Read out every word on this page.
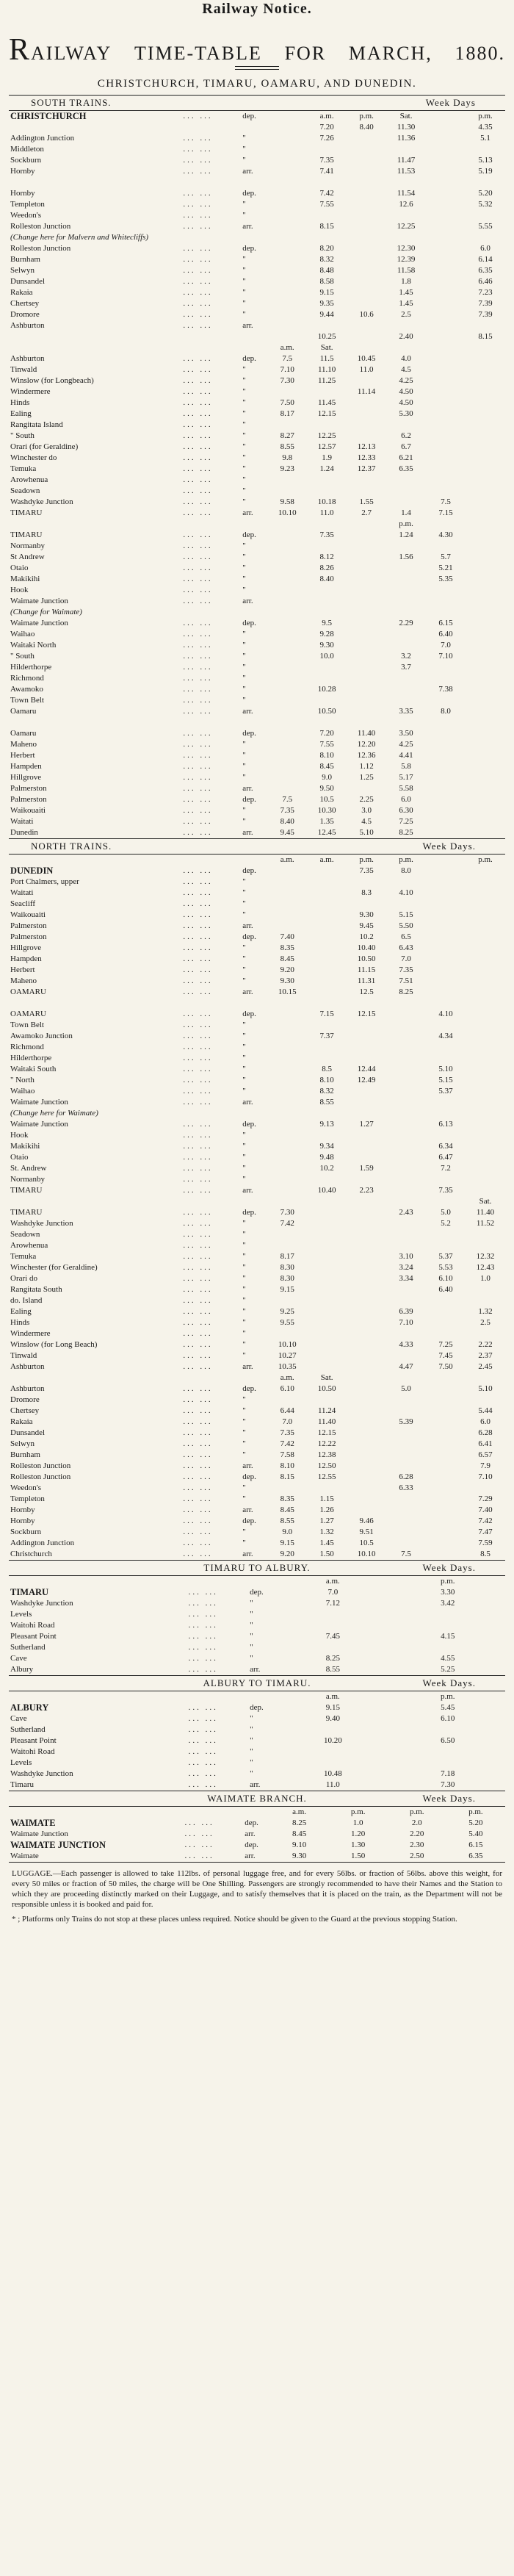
Railway Notice.
RAILWAY TIME-TABLE FOR MARCH, 1880.
CHRISTCHURCH, TIMARU, OAMARU, AND DUNEDIN.
SOUTH TRAINS.	Week Days
CHRISTCHURCH	... ...	dep.		a.m.	p.m.	Sat.		p.m.
				7.20	8.40	11.30		4.35
Addington Junction	... ...	"		7.26		11.36		5.1
Middleton	... ...	"						
Sockburn	... ...	"		7.35		11.47		5.13
Hornby	... ...	arr.		7.41		11.53		5.19

Hornby	... ...	dep.		7.42		11.54		5.20
Templeton	... ...	"		7.55		12.6		5.32
Weedon's	... ...	"						
Rolleston Junction	... ...	arr.		8.15		12.25		5.55
(Change here for Malvern and Whitecliffs)								
Rolleston Junction	... ...	dep.		8.20		12.30		6.0
Burnham	... ...	"		8.32		12.39		6.14
Selwyn	... ...	"		8.48		11.58		6.35
Dunsandel	... ...	"		8.58		1.8		6.46
Rakaia	... ...	"		9.15		1.45		7.23
Chertsey	... ...	"		9.35		1.45		7.39
Dromore	... ...	"		9.44	10.6	2.5		7.39
Ashburton	... ...	arr.						
				10.25		2.40		8.15
			a.m.	Sat.				
Ashburton	... ...	dep.	7.5	11.5	10.45	4.0		
Tinwald	... ...	"	7.10	11.10	11.0	4.5		
Winslow (for Longbeach)	... ...	"	7.30	11.25		4.25		
Windermere	... ...	"			11.14	4.50		
Hinds	... ...	"	7.50	11.45		4.50		
Ealing	... ...	"	8.17	12.15		5.30		
Rangitata Island	... ...	"						
" South	... ...	"	8.27	12.25		6.2		
Orari (for Geraldine)	... ...	"	8.55	12.57	12.13	6.7		
Winchester do	... ...	"	9.8	1.9	12.33	6.21		
Temuka	... ...	"	9.23	1.24	12.37	6.35		
Arowhenua	... ...	"						
Seadown	... ...	"						
Washdyke Junction	... ...	"	9.58	10.18	1.55		7.5	
TIMARU	... ...	arr.	10.10	11.0	2.7	1.4	7.15	
						p.m.		
TIMARU	... ...	dep.		7.35		1.24	4.30	
Normanby	... ...	"						
St Andrew	... ...	"		8.12		1.56	5.7	
Otaio	... ...	"		8.26			5.21	
Makikihi	... ...	"		8.40			5.35	
Hook	... ...	"						
Waimate Junction	... ...	arr.						
(Change for Waimate)								
Waimate Junction	... ...	dep.		9.5		2.29	6.15	
Waihao	... ...	"		9.28			6.40	
Waitaki North	... ...	"		9.30			7.0	
" South	... ...	"		10.0		3.2	7.10	
Hilderthorpe	... ...	"				3.7		
Richmond	... ...	"						
Awamoko	... ...	"		10.28			7.38	
Town Belt	... ...	"						
Oamaru	... ...	arr.		10.50		3.35	8.0	

Oamaru	... ...	dep.		7.20	11.40	3.50		
Maheno	... ...	"		7.55	12.20	4.25		
Herbert	... ...	"		8.10	12.36	4.41		
Hampden	... ...	"		8.45	1.12	5.8		
Hillgrove	... ...	"		9.0	1.25	5.17		
Palmerston	... ...	arr.		9.50		5.58		
Palmerston	... ...	dep.	7.5	10.5	2.25	6.0		
Waikouaiti	... ...	"	7.35	10.30	3.0	6.30		
Waitati	... ...	"	8.40	1.35	4.5	7.25		
Dunedin	... ...	arr.	9.45	12.45	5.10	8.25		
NORTH TRAINS.	Week Days.
			a.m.	a.m.	p.m.	p.m.		p.m.
DUNEDIN	... ...	dep.			7.35	8.0		
Port Chalmers, upper	... ...	"						
Waitati	... ...	"			8.3	4.10		
Seacliff	... ...	"						
Waikouaiti	... ...	"			9.30	5.15		
Palmerston	... ...	arr.			9.45	5.50		
Palmerston	... ...	dep.	7.40		10.2	6.5		
Hillgrove	... ...	"	8.35		10.40	6.43		
Hampden	... ...	"	8.45		10.50	7.0		
Herbert	... ...	"	9.20		11.15	7.35		
Maheno	... ...	"	9.30		11.31	7.51		
OAMARU	... ...	arr.	10.15		12.5	8.25		

OAMARU	... ...	dep.		7.15	12.15		4.10	
Town Belt	... ...	"						
Awamoko Junction	... ...	"		7.37			4.34	
Richmond	... ...	"						
Hilderthorpe	... ...	"						
Waitaki South	... ...	"		8.5	12.44		5.10	
" North	... ...	"		8.10	12.49		5.15	
Waihao	... ...	"		8.32			5.37	
Waimate Junction	... ...	arr.		8.55				
(Change here for Waimate)								
Waimate Junction	... ...	dep.		9.13	1.27		6.13	
Hook	... ...	"						
Makikihi	... ...	"		9.34			6.34	
Otaio	... ...	"		9.48			6.47	
St. Andrew	... ...	"		10.2	1.59		7.2	
Normanby	... ...	"						
TIMARU	... ...	arr.		10.40	2.23		7.35	
								Sat.
TIMARU	... ...	dep.	7.30			2.43	5.0	11.40
Washdyke Junction	... ...	"	7.42				5.2	11.52
Seadown	... ...	"						
Arowhenua	... ...	"						
Temuka	... ...	"	8.17			3.10	5.37	12.32
Winchester (for Geraldine)	... ...	"	8.30			3.24	5.53	12.43
Orari do	... ...	"	8.30			3.34	6.10	1.0
Rangitata South	... ...	"	9.15				6.40	
do. Island	... ...	"						
Ealing	... ...	"	9.25			6.39		1.32
Hinds	... ...	"	9.55			7.10		2.5
Windermere	... ...	"						
Winslow (for Long Beach)	... ...	"	10.10			4.33	7.25	2.22
Tinwald	... ...	"	10.27				7.45	2.37
Ashburton	... ...	arr.	10.35			4.47	7.50	2.45
			a.m.	Sat.				
Ashburton	... ...	dep.	6.10	10.50		5.0		5.10
Dromore	... ...	"						
Chertsey	... ...	"	6.44	11.24				5.44
Rakaia	... ...	"	7.0	11.40		5.39		6.0
Dunsandel	... ...	"	7.35	12.15				6.28
Selwyn	... ...	"	7.42	12.22				6.41
Burnham	... ...	"	7.58	12.38				6.57
Rolleston Junction	... ...	arr.	8.10	12.50				7.9
Rolleston Junction	... ...	dep.	8.15	12.55		6.28		7.10
Weedon's	... ...	"				6.33		
Templeton	... ...	"	8.35	1.15				7.29
Hornby	... ...	arr.	8.45	1.26				7.40
Hornby	... ...	dep.	8.55	1.27	9.46			7.42
Sockburn	... ...	"	9.0	1.32	9.51			7.47
Addington Junction	... ...	"	9.15	1.45	10.5			7.59
Christchurch	... ...	arr.	9.20	1.50	10.10	7.5		8.5
TIMARU TO ALBURY.	Week Days.
			a.m.	p.m.
TIMARU	... ...	dep.	7.0	3.30
Washdyke Junction	... ...	"	7.12	3.42
Levels	... ...	"		
Waitohi Road	... ...	"		
Pleasant Point	... ...	"	7.45	4.15
Sutherland	... ...	"		
Cave	... ...	"	8.25	4.55
Albury	... ...	arr.	8.55	5.25
ALBURY TO TIMARU.	Week Days.
			a.m.	p.m.
ALBURY	... ...	dep.	9.15	5.45
Cave	... ...	"	9.40	6.10
Sutherland	... ...	"		
Pleasant Point	... ...	"	10.20	6.50
Waitohi Road	... ...	"		
Levels	... ...	"		
Washdyke Junction	... ...	"	10.48	7.18
Timaru	... ...	arr.	11.0	7.30
WAIMATE BRANCH.	Week Days.
			a.m.	p.m.	p.m.	p.m.
WAIMATE	... ...	dep.	8.25	1.0	2.0	5.20
Waimate Junction	... ...	arr.	8.45	1.20	2.20	5.40
WAIMATE JUNCTION	... ...	dep.	9.10	1.30	2.30	6.15
Waimate	... ...	arr.	9.30	1.50	2.50	6.35
LUGGAGE.—Each passenger is allowed to take 112lbs. of personal luggage free, and for every 56lbs. or fraction of 56lbs. above this weight, for every 50 miles or fraction of 50 miles, the charge will be One Shilling. Passengers are strongly recommended to have their Names and the Station to which they are proceeding distinctly marked on their Luggage, and to satisfy themselves that it is placed on the train, as the Department will not be responsible unless it is booked and paid for.
* ; Platforms only Trains do not stop at these places unless required. Notice should be given to the Guard at the previous stopping Station.
